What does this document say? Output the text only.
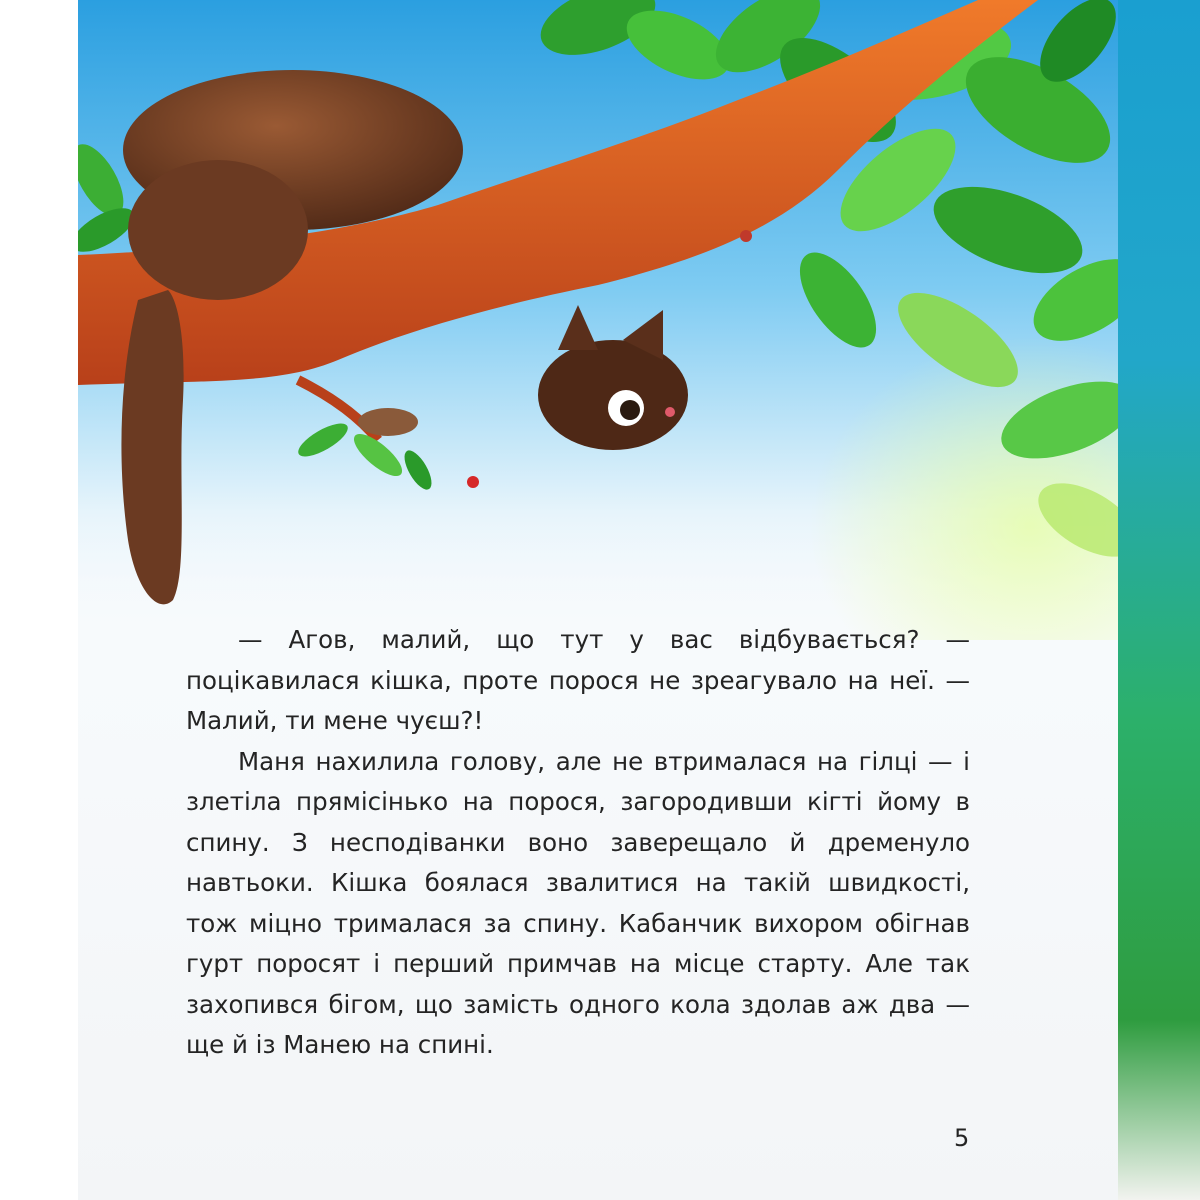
— Агов, малий, що тут у вас відбувається? — поцікавилася кішка, проте порося не зреагувало на неї. — Малий, ти мене чуєш?!

Маня нахилила голову, але не втрималася на гілці — і злетіла прямісінько на порося, загородивши кігті йому в спину. З несподіванки воно заверещало й дременуло навтьоки. Кішка боялася звалитися на такій швидкості, тож міцно трималася за спину. Кабанчик вихором обігнав гурт поросят і перший примчав на місце старту. Але так захопився бігом, що замість одного кола здолав аж два — ще й із Манею на спині.

5
